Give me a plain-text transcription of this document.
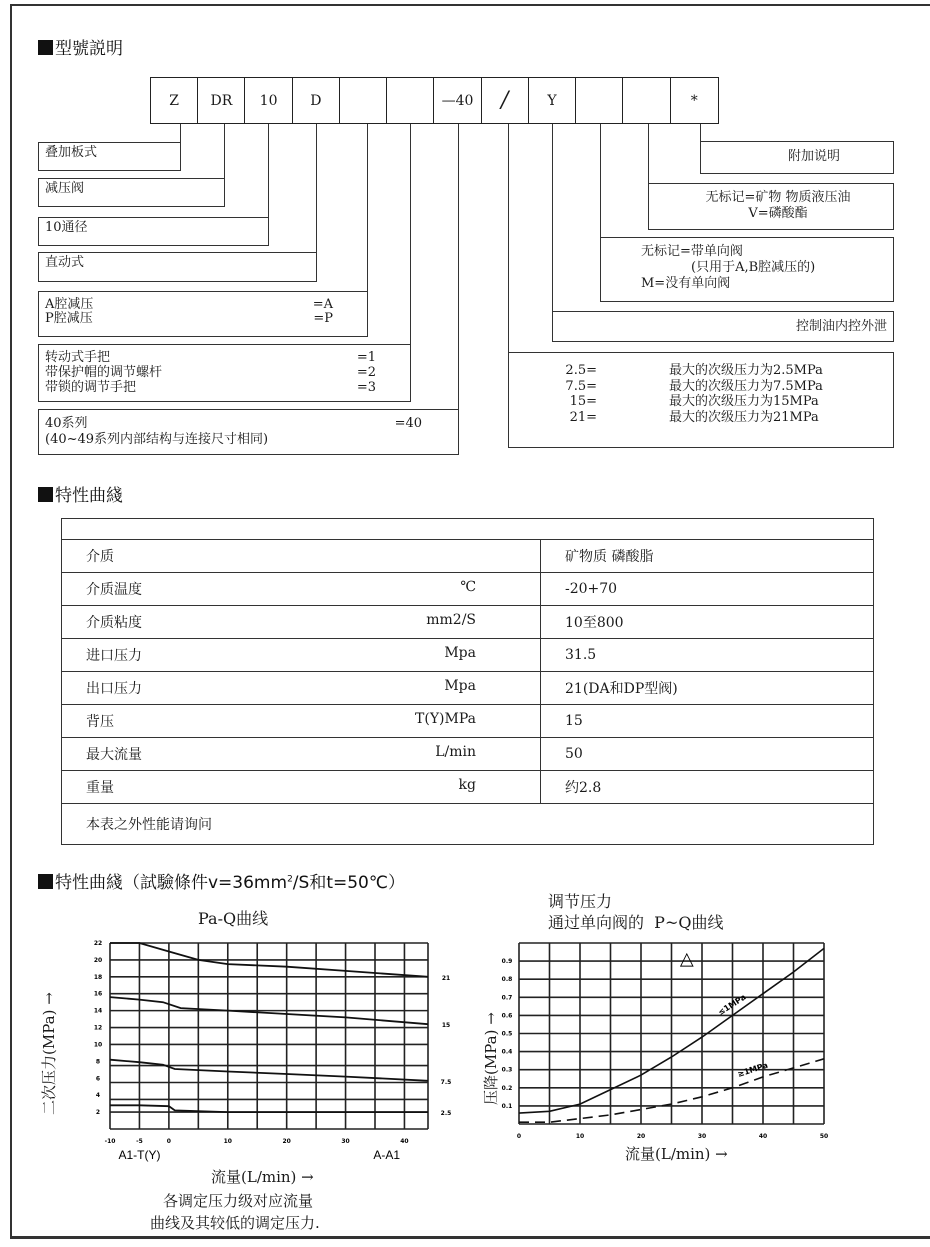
型號説明
Z	DR	10	D	—40	/	Y	*
叠加板式
减压阀
10通径
直动式
A腔减压	=A
P腔减压	=P
转动式手把	=1
带保护帽的调节螺杆	=2
带锁的调节手把	=3
40系列	=40
(40~49系列内部结构与连接尺寸相同)
附加说明
无标记=矿物 物质液压油
V=磷酸酯
无标记=带单向阀
(只用于A,B腔减压的)
M=没有单向阀
控制油内控外泄
2.5=	最大的次级压力为2.5MPa
7.5=	最大的次级压力为7.5MPa
15=	最大的次级压力为15MPa
21=	最大的次级压力为21MPa
特性曲綫

介质	矿物质 磷酸脂
介质温度 ℃	-20+70
介质粘度 mm2/S	10至800
进口压力 Mpa	31.5
出口压力 Mpa	21(DA和DP型阀)
背压 T(Y)MPa	15
最大流量 L/min	50
重量 kg	约2.8
本表之外性能请询问	
特性曲綫（試驗條件$v=36mm^2/S$和t=50℃）
Pa-Q曲线
二次压力(MPa) →	2
4
6
8
10
12
14
16
18
20
22
-10	-5	0	10	20	30	40
21
15
7.5
2.5
A1-T(Y)	A-A1
流量(L/min) →
各调定压力级对应流量
曲线及其较低的调定压力.
调节压力
通过单向阀的  P~Q曲线
压降(MPa) →
0.1
0.2
0.3
0.4
0.5
0.6
0.7
0.8
0.9
0	10	20	30	40	50
≤1MPa
≥1MPa
△
流量(L/min) →
